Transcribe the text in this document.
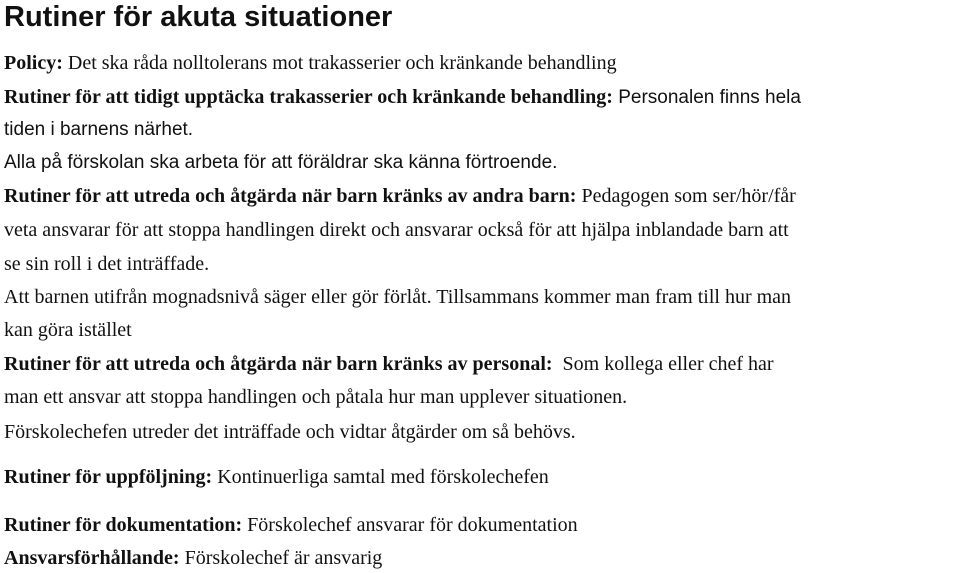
Rutiner för akuta situationer
Policy: Det ska råda nolltolerans mot trakasserier och kränkande behandling
Rutiner för att tidigt upptäcka trakasserier och kränkande behandling: Personalen finns hela
tiden i barnens närhet.
Alla på förskolan ska arbeta för att föräldrar ska känna förtroende.
Rutiner för att utreda och åtgärda när barn kränks av andra barn: Pedagogen som ser/hör/får
veta ansvarar för att stoppa handlingen direkt och ansvarar också för att hjälpa inblandade barn att
se sin roll i det inträffade.
Att barnen utifrån mognadsnivå säger eller gör förlåt. Tillsammans kommer man fram till hur man
kan göra istället
Rutiner för att utreda och åtgärda när barn kränks av personal:  Som kollega eller chef har
man ett ansvar att stoppa handlingen och påtala hur man upplever situationen.
Förskolechefen utreder det inträffade och vidtar åtgärder om så behövs.
Rutiner för uppföljning: Kontinuerliga samtal med förskolechefen
Rutiner för dokumentation: Förskolechef ansvarar för dokumentation
Ansvarsförhållande: Förskolechef är ansvarig
